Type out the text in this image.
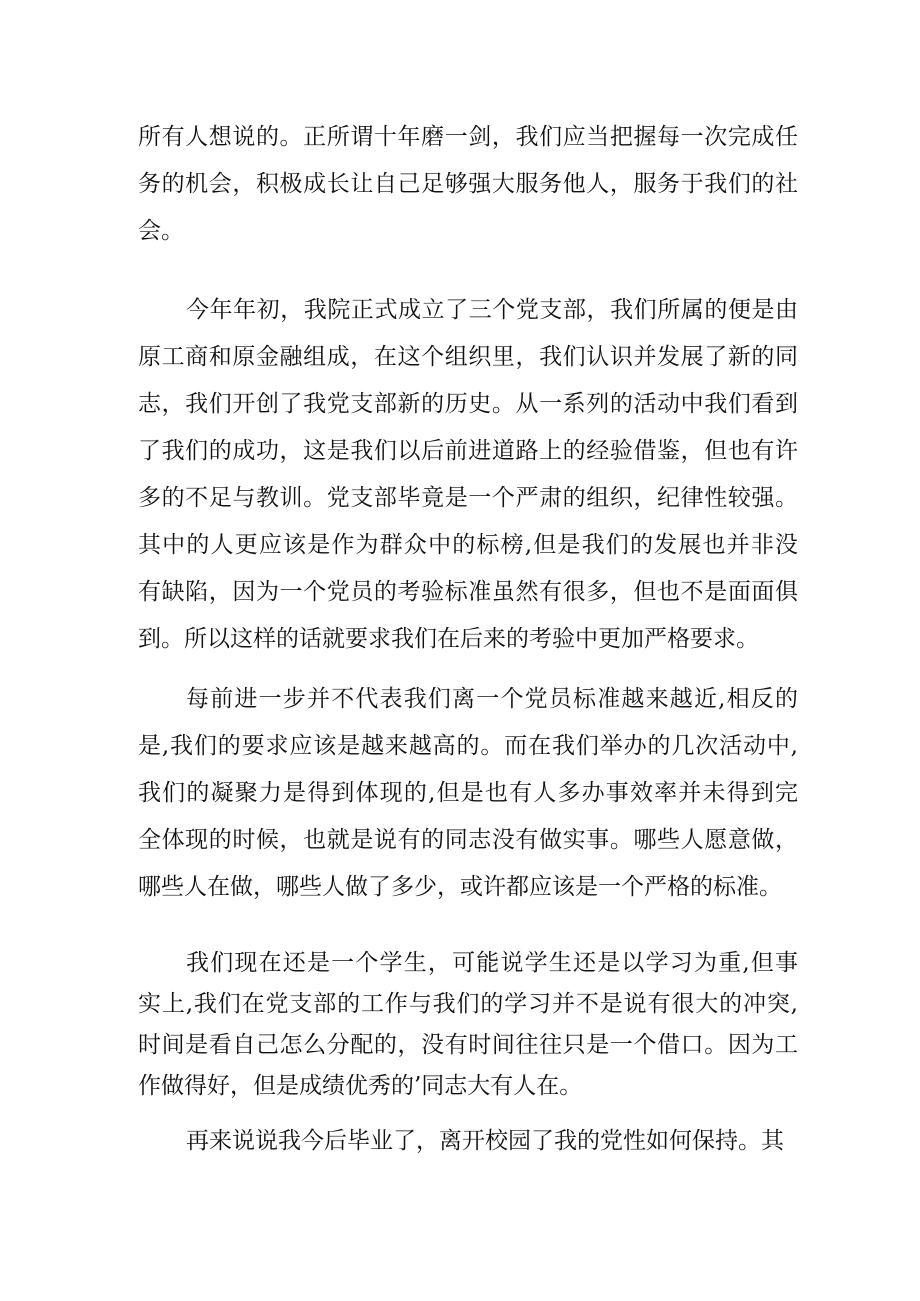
所有人想说的。正所谓十年磨一剑，我们应当把握每一次完成任
务的机会，积极成长让自己足够强大服务他人，服务于我们的社
会。
今年年初，我院正式成立了三个党支部，我们所属的便是由
原工商和原金融组成，在这个组织里，我们认识并发展了新的同
志，我们开创了我党支部新的历史。从一系列的活动中我们看到
了我们的成功，这是我们以后前进道路上的经验借鉴，但也有许
多的不足与教训。党支部毕竟是一个严肃的组织，纪律性较强。
其中的人更应该是作为群众中的标榜,但是我们的发展也并非没
有缺陷，因为一个党员的考验标准虽然有很多，但也不是面面俱
到。所以这样的话就要求我们在后来的考验中更加严格要求。
每前进一步并不代表我们离一个党员标准越来越近,相反的
是,我们的要求应该是越来越高的。而在我们举办的几次活动中,
我们的凝聚力是得到体现的,但是也有人多办事效率并未得到完
全体现的时候，也就是说有的同志没有做实事。哪些人愿意做，
哪些人在做，哪些人做了多少，或许都应该是一个严格的标准。
我们现在还是一个学生，可能说学生还是以学习为重,但事
实上,我们在党支部的工作与我们的学习并不是说有很大的冲突,
时间是看自己怎么分配的，没有时间往往只是一个借口。因为工
作做得好，但是成绩优秀的’同志大有人在。
再来说说我今后毕业了，离开校园了我的党性如何保持。其
